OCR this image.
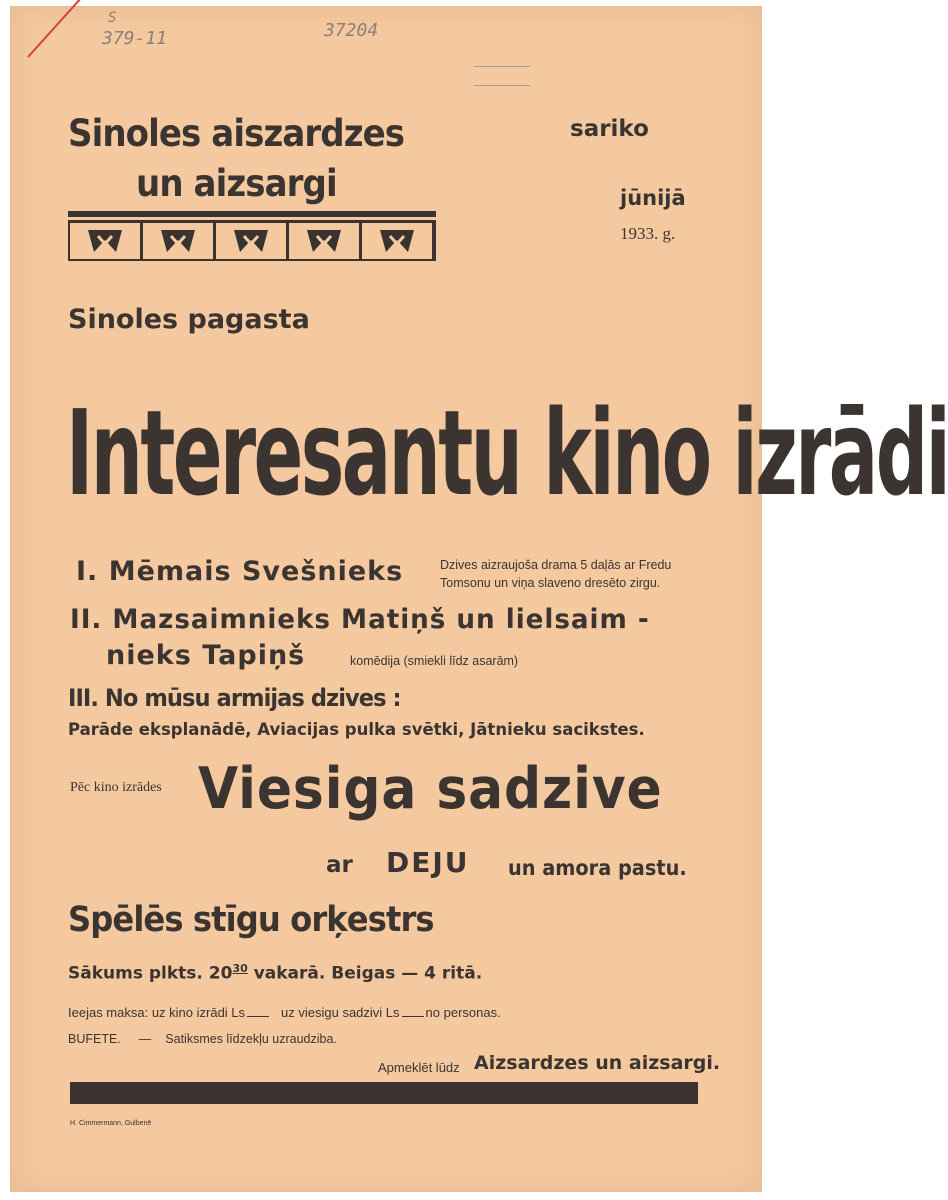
S
379-11	37204
Sinoles aiszardzes
un aizsargi
sariko
jūnijā
1933. g.
Sinoles pagasta
Interesantu kino izrādi
I. Mēmais Svešnieks	Dzives aizraujoša drama 5 daļās ar Fredu
Tomsonu un viņa slaveno dresēto zirgu.
II. Mazsaimnieks Matiņš un lielsaim -
nieks Tapiņš	komēdija (smiekli līdz asarām)
III. No mūsu armijas dzives :
Parāde eksplanādē, Aviacijas pulka svētki, Jātnieku sacikstes.
Pēc kino izrādes Viesiga sadzive
ar DEJU un amora pastu.
Spēlēs stīgu orķestrs
Sākums plkts. $20^{30}$ vakarā. Beigas — 4 ritā.
Ieejas maksa: uz kino izrādi Ls	uz viesigu sadzivi Ls no personas.
BUFETE. — Satiksmes līdzekļu uzraudziba.
Apmeklēt lūdz Aizsardzes un aizsargi.
H. Cimmermann, Gulbenē
